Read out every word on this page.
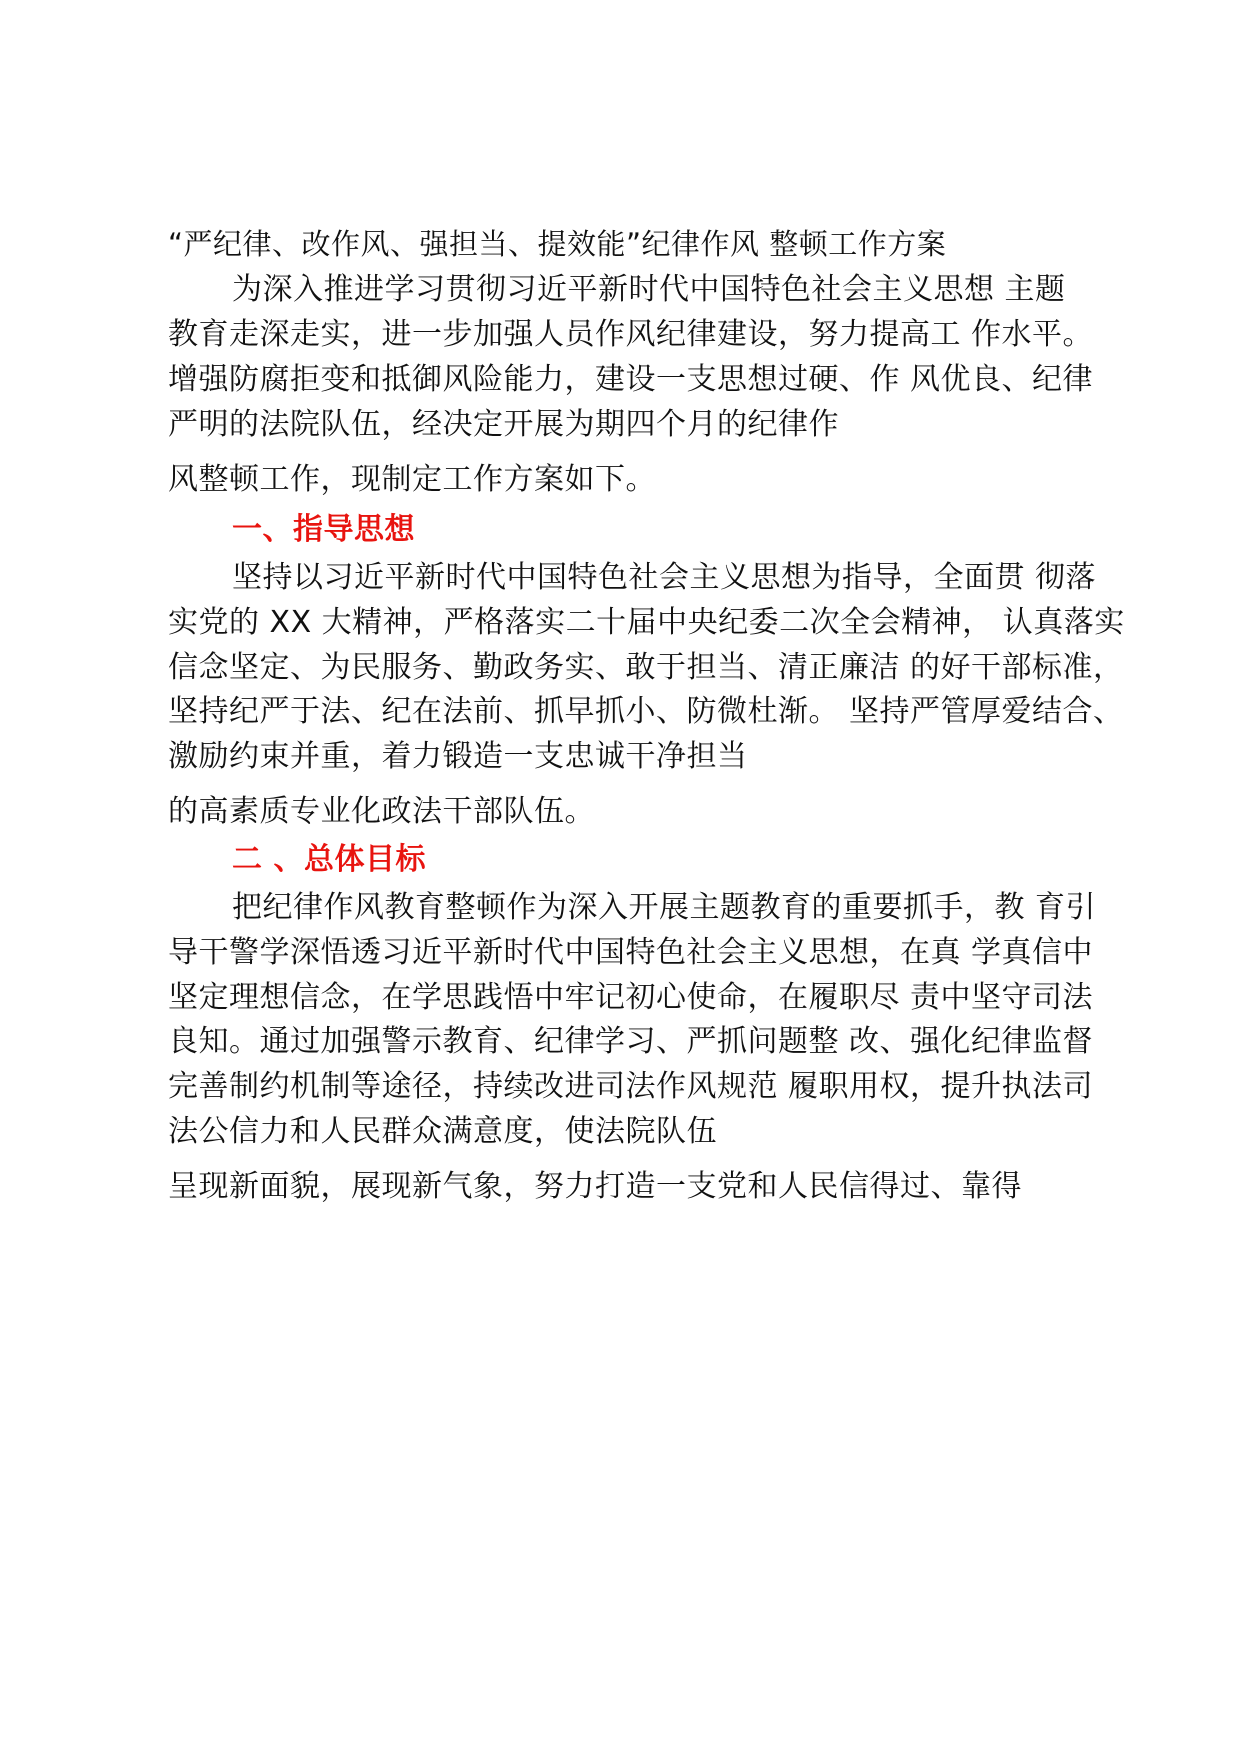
“严纪律、改作风、强担当、提效能”纪律作风 整顿工作方案
为深入推进学习贯彻习近平新时代中国特色社会主义思想 主题
教育走深走实，进一步加强人员作风纪律建设，努力提高工 作水平。
增强防腐拒变和抵御风险能力，建设一支思想过硬、作 风优良、纪律
严明的法院队伍，经决定开展为期四个月的纪律作
风整顿工作，现制定工作方案如下。
一、指导思想
坚持以习近平新时代中国特色社会主义思想为指导，全面贯 彻落
实党的 XX 大精神，严格落实二十届中央纪委二次全会精神， 认真落实
信念坚定、为民服务、勤政务实、敢于担当、清正廉洁 的好干部标准，
坚持纪严于法、纪在法前、抓早抓小、防微杜渐。 坚持严管厚爱结合、
激励约束并重，着力锻造一支忠诚干净担当
的高素质专业化政法干部队伍。
二 、总体目标
把纪律作风教育整顿作为深入开展主题教育的重要抓手，教 育引
导干警学深悟透习近平新时代中国特色社会主义思想，在真 学真信中
坚定理想信念，在学思践悟中牢记初心使命，在履职尽 责中坚守司法
良知。通过加强警示教育、纪律学习、严抓问题整 改、强化纪律监督
完善制约机制等途径，持续改进司法作风规范 履职用权，提升执法司
法公信力和人民群众满意度，使法院队伍
呈现新面貌，展现新气象，努力打造一支党和人民信得过、靠得
